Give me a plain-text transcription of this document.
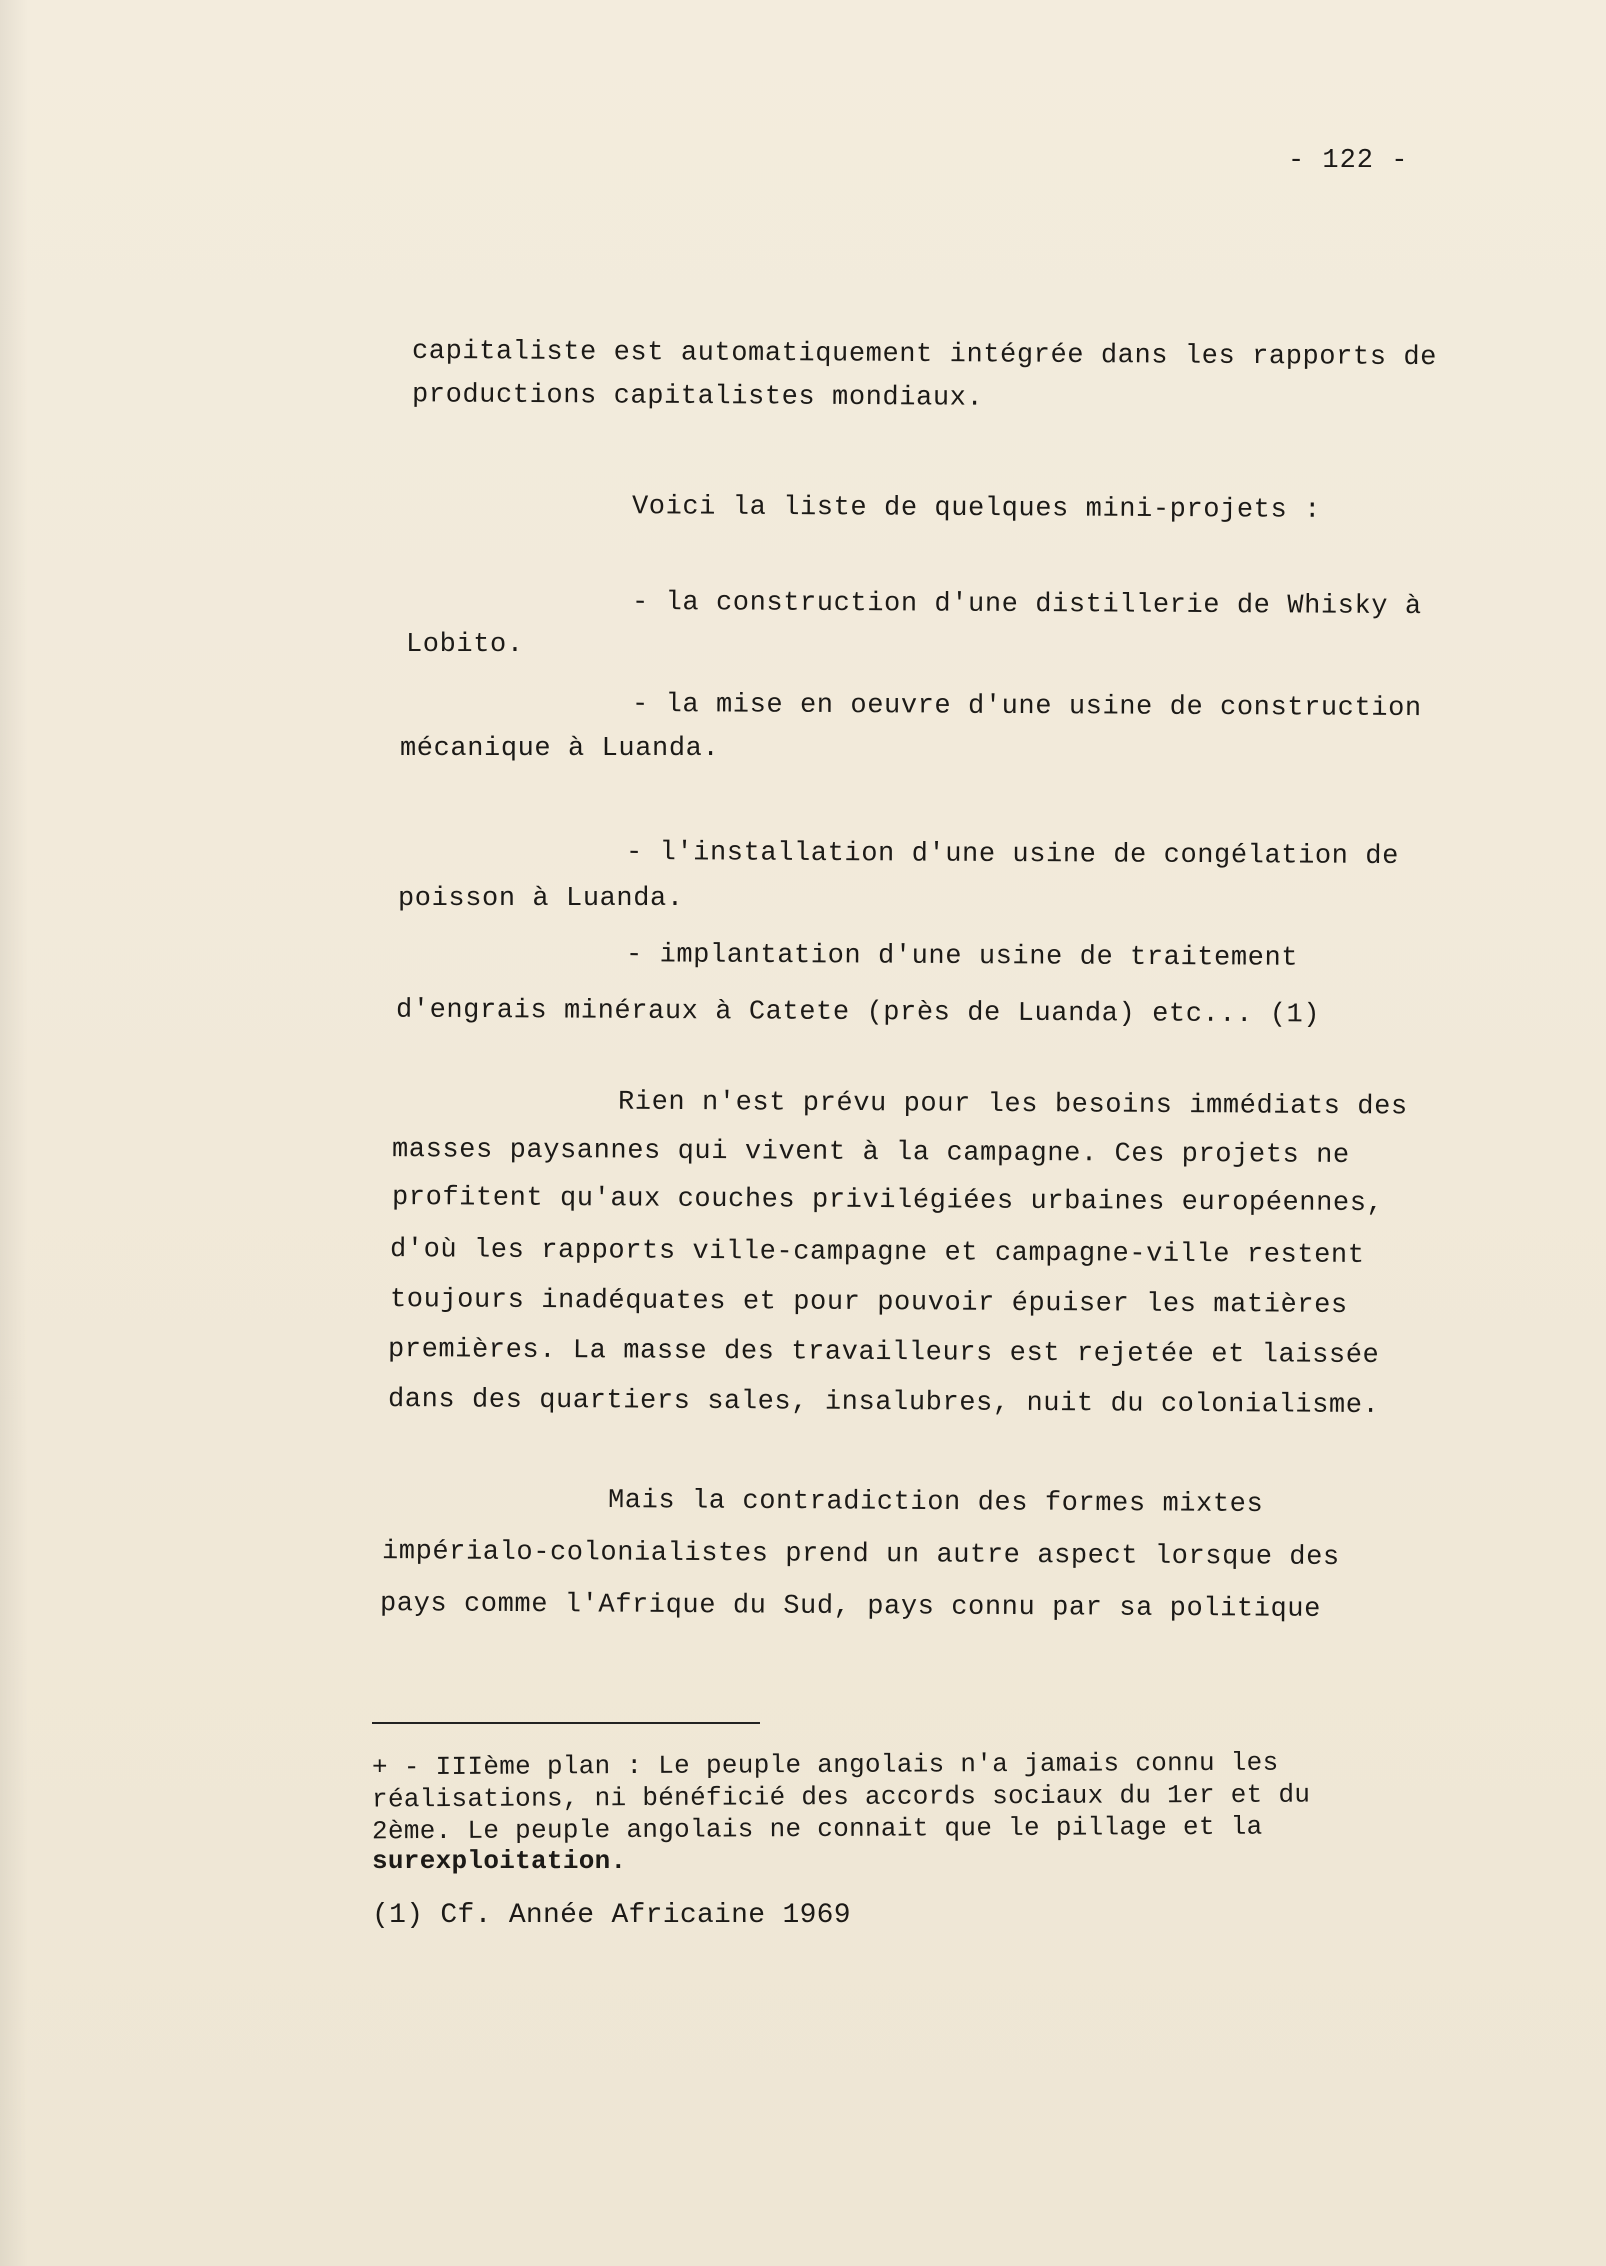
- 122 -
capitaliste est automatiquement intégrée dans les rapports de
productions capitalistes mondiaux.
Voici la liste de quelques mini-projets :
- la construction d'une distillerie de Whisky à
Lobito.
- la mise en oeuvre d'une usine de construction
mécanique à Luanda.
- l'installation d'une usine de congélation de
poisson à Luanda.
- implantation d'une usine de traitement
d'engrais minéraux à Catete (près de Luanda) etc... (1)
Rien n'est prévu pour les besoins immédiats des
masses paysannes qui vivent à la campagne. Ces projets ne
profitent qu'aux couches privilégiées urbaines européennes,
d'où les rapports ville-campagne et campagne-ville restent
toujours inadéquates et pour pouvoir épuiser les matières
premières. La masse des travailleurs est rejetée et laissée
dans des quartiers sales, insalubres, nuit du colonialisme.
Mais la contradiction des formes mixtes
impérialo-colonialistes prend un autre aspect lorsque des
pays comme l'Afrique du Sud, pays connu par sa politique
+ - IIIème plan : Le peuple angolais n'a jamais connu les
réalisations, ni bénéficié des accords sociaux du 1er et du
2ème. Le peuple angolais ne connait que le pillage et la
surexploitation.
(1) Cf. Année Africaine 1969
